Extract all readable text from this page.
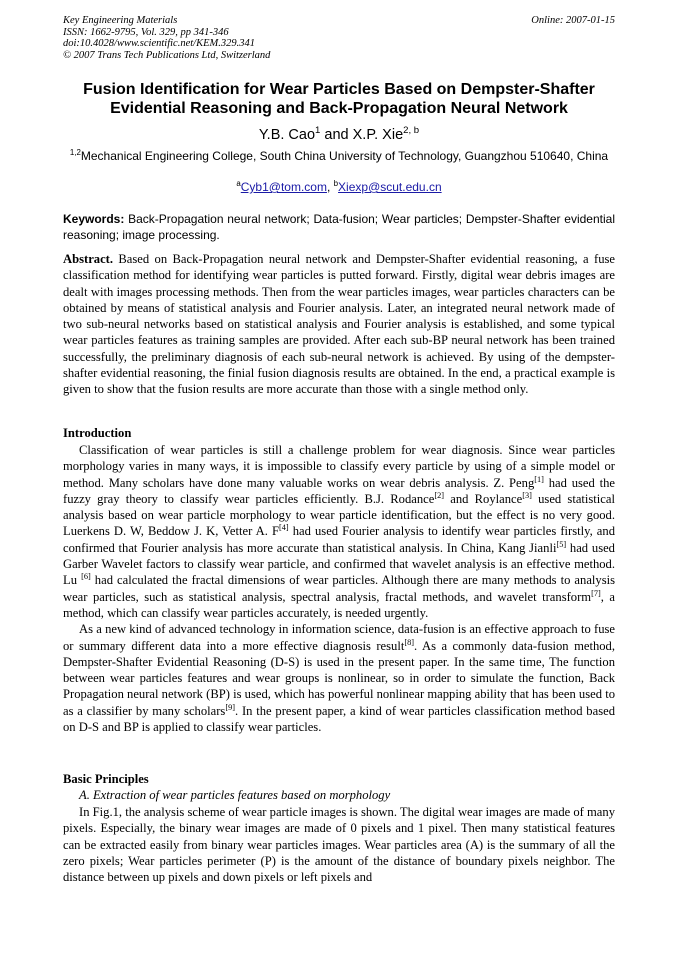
Key Engineering Materials
ISSN: 1662-9795, Vol. 329, pp 341-346
doi:10.4028/www.scientific.net/KEM.329.341
© 2007 Trans Tech Publications Ltd, Switzerland
Online: 2007-01-15
Fusion Identification for Wear Particles Based on Dempster-Shafter
Evidential Reasoning and Back-Propagation Neural Network
Y.B. Cao$^1$ and X.P. Xie$^{2, b}$
$^{1,2}$Mechanical Engineering College, South China University of Technology, Guangzhou 510640, China
$^a$Cyb1@tom.com, $^b$Xiexp@scut.edu.cn
Keywords: Back-Propagation neural network; Data-fusion; Wear particles; Dempster-Shafter evidential reasoning; image processing.
Abstract. Based on Back-Propagation neural network and Dempster-Shafter evidential reasoning, a fuse classification method for identifying wear particles is putted forward. Firstly, digital wear debris images are dealt with images processing methods. Then from the wear particles images, wear particles characters can be obtained by means of statistical analysis and Fourier analysis. Later, an integrated neural network made of two sub-neural networks based on statistical analysis and Fourier analysis is established, and some typical wear particles features as training samples are provided. After each sub-BP neural network has been trained successfully, the preliminary diagnosis of each sub-neural network is achieved. By using of the dempster-shafter evidential reasoning, the finial fusion diagnosis results are obtained. In the end, a practical example is given to show that the fusion results are more accurate than those with a single method only.
Introduction

Classification of wear particles is still a challenge problem for wear diagnosis. Since wear particles morphology varies in many ways, it is impossible to classify every particle by using of a simple model or method. Many scholars have done many valuable works on wear debris analysis. Z. Peng[1] had used the fuzzy gray theory to classify wear particles efficiently. B.J. Rodance[2] and Roylance[3] used statistical analysis based on wear particle morphology to wear particle identification, but the effect is no very good. Luerkens D. W, Beddow J. K, Vetter A. F[4] had used Fourier analysis to identify wear particles firstly, and confirmed that Fourier analysis has more accurate than statistical analysis. In China, Kang Jianli[5] had used Garber Wavelet factors to classify wear particle, and confirmed that wavelet analysis is an effective method. Lu [6] had calculated the fractal dimensions of wear particles. Although there are many methods to analysis wear particles, such as statistical analysis, spectral analysis, fractal methods, and wavelet transform[7], a method, which can classify wear particles accurately, is needed urgently.

As a new kind of advanced technology in information science, data-fusion is an effective approach to fuse or summary different data into a more effective diagnosis result[8]. As a commonly data-fusion method, Dempster-Shafter Evidential Reasoning (D-S) is used in the present paper. In the same time, The function between wear particles features and wear groups is nonlinear, so in order to simulate the function, Back Propagation neural network (BP) is used, which has powerful nonlinear mapping ability that has been used to as a classifier by many scholars[9]. In the present paper, a kind of wear particles classification method based on D-S and BP is applied to classify wear particles.

Basic Principles
A. Extraction of wear particles features based on morphology

In Fig.1, the analysis scheme of wear particle images is shown. The digital wear images are made of many pixels. Especially, the binary wear images are made of 0 pixels and 1 pixel. Then many statistical features can be extracted easily from binary wear particles images. Wear particles area (A) is the summary of all the zero pixels; Wear particles perimeter (P) is the amount of the distance of boundary pixels neighbor. The distance between up pixels and down pixels or left pixels and
